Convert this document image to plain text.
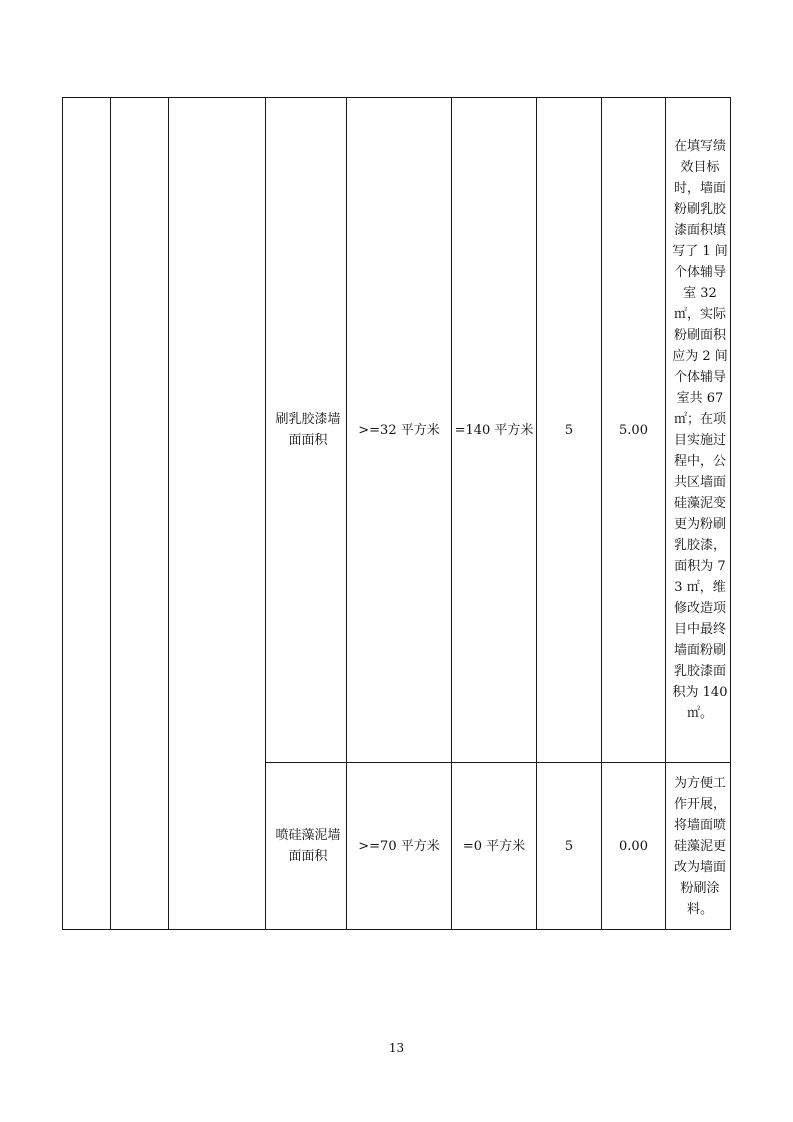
			刷乳胶漆墙面面积	>=32 平方米	=140 平方米	5	5.00	在填写绩效目标时，墙面粉刷乳胶漆面积填写了 1 间个体辅导室 32 ㎡，实际粉刷面积应为 2 间个体辅导室共 67 ㎡；在项目实施过程中，公共区墙面硅藻泥变更为粉刷乳胶漆，面积为 73 ㎡，维修改造项目中最终墙面粉刷乳胶漆面积为 140 ㎡。
			喷硅藻泥墙面面积	>=70 平方米	=0 平方米	5	0.00	为方便工作开展，将墙面喷硅藻泥更改为墙面粉刷涂料。
13
